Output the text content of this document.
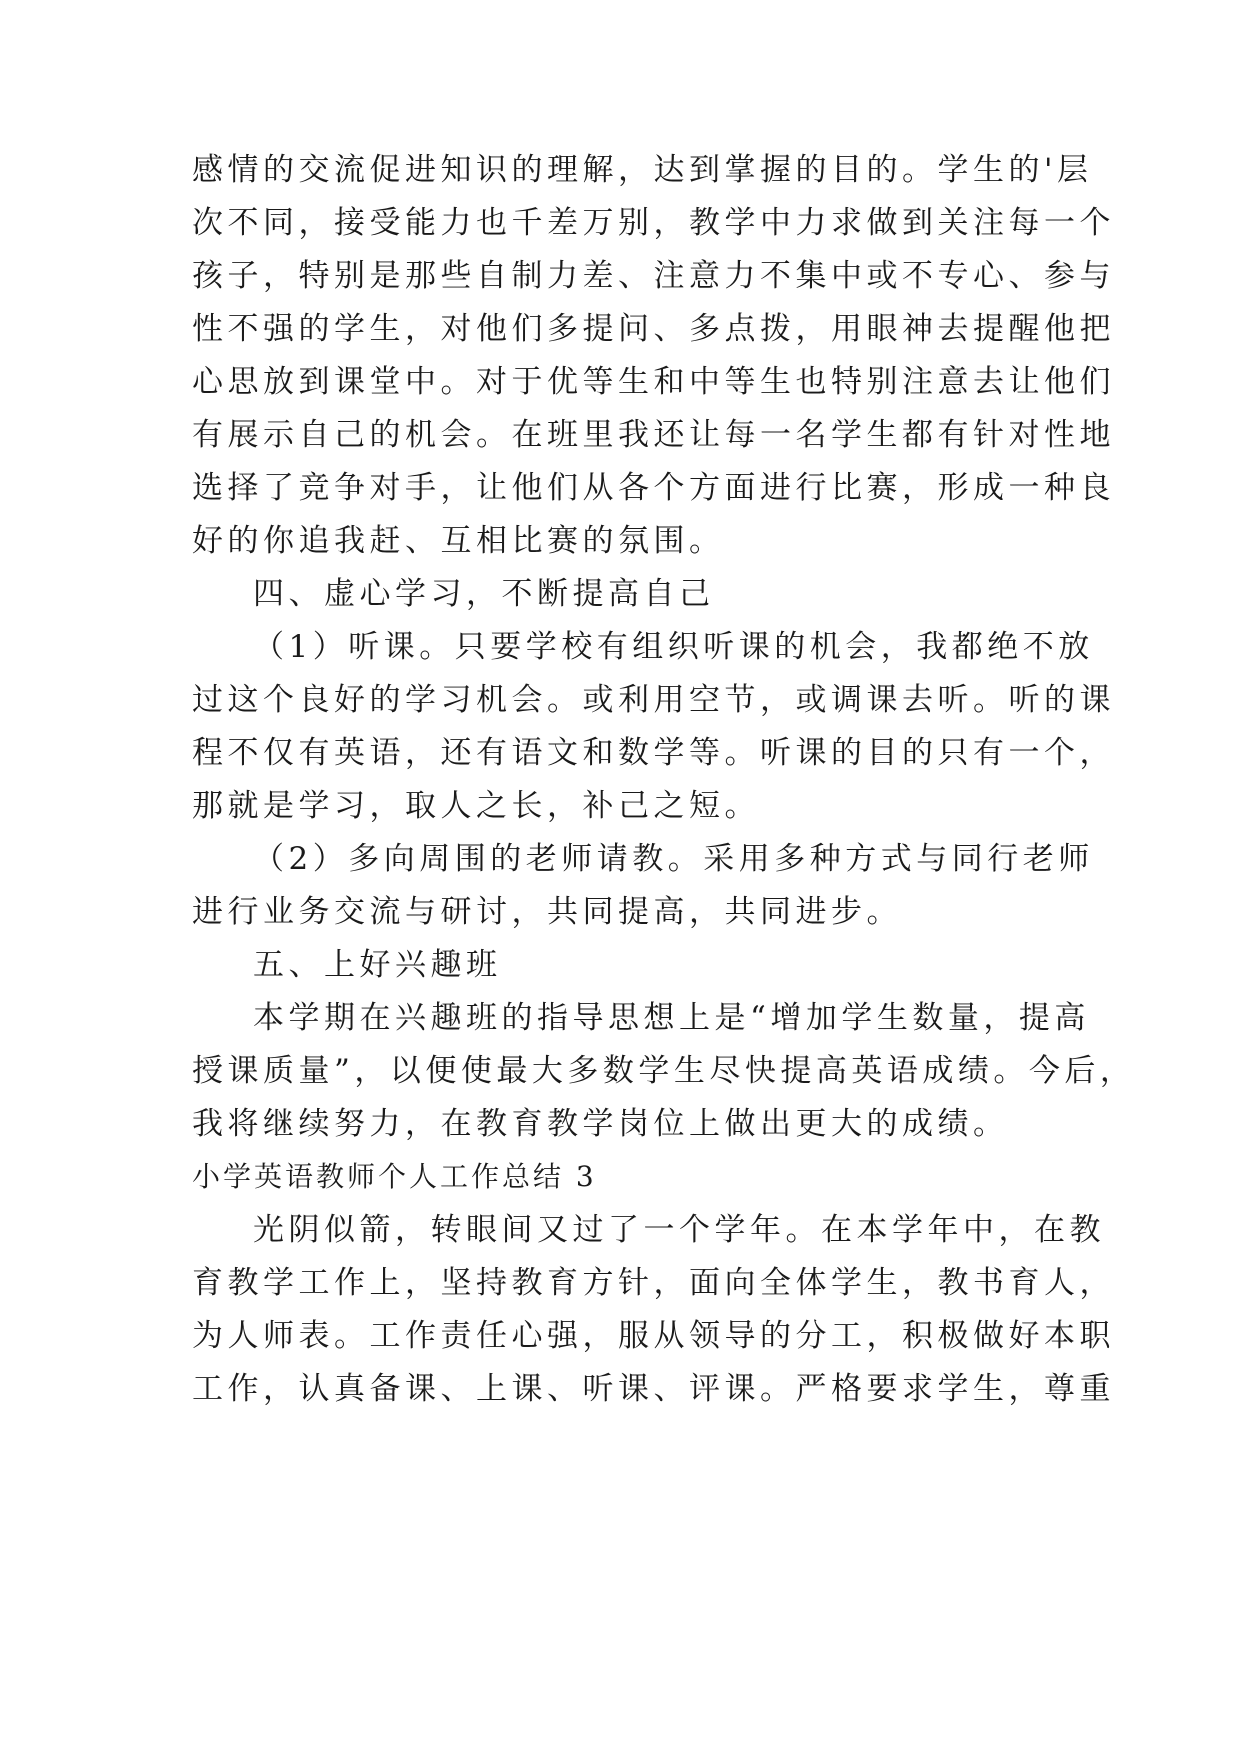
感情的交流促进知识的理解，达到掌握的目的。学生的'层
次不同，接受能力也千差万别，教学中力求做到关注每一个
孩子，特别是那些自制力差、注意力不集中或不专心、参与
性不强的学生，对他们多提问、多点拨，用眼神去提醒他把
心思放到课堂中。对于优等生和中等生也特别注意去让他们
有展示自己的机会。在班里我还让每一名学生都有针对性地
选择了竞争对手，让他们从各个方面进行比赛，形成一种良
好的你追我赶、互相比赛的氛围。
四、虚心学习，不断提高自己
（1）听课。只要学校有组织听课的机会，我都绝不放
过这个良好的学习机会。或利用空节，或调课去听。听的课
程不仅有英语，还有语文和数学等。听课的目的只有一个，
那就是学习，取人之长，补己之短。
（2）多向周围的老师请教。采用多种方式与同行老师
进行业务交流与研讨，共同提高，共同进步。
五、上好兴趣班
本学期在兴趣班的指导思想上是“增加学生数量，提高
授课质量”，以便使最大多数学生尽快提高英语成绩。今后，
我将继续努力，在教育教学岗位上做出更大的成绩。
小学英语教师个人工作总结 3
光阴似箭，转眼间又过了一个学年。在本学年中，在教
育教学工作上，坚持教育方针，面向全体学生，教书育人，
为人师表。工作责任心强，服从领导的分工，积极做好本职
工作，认真备课、上课、听课、评课。严格要求学生，尊重
